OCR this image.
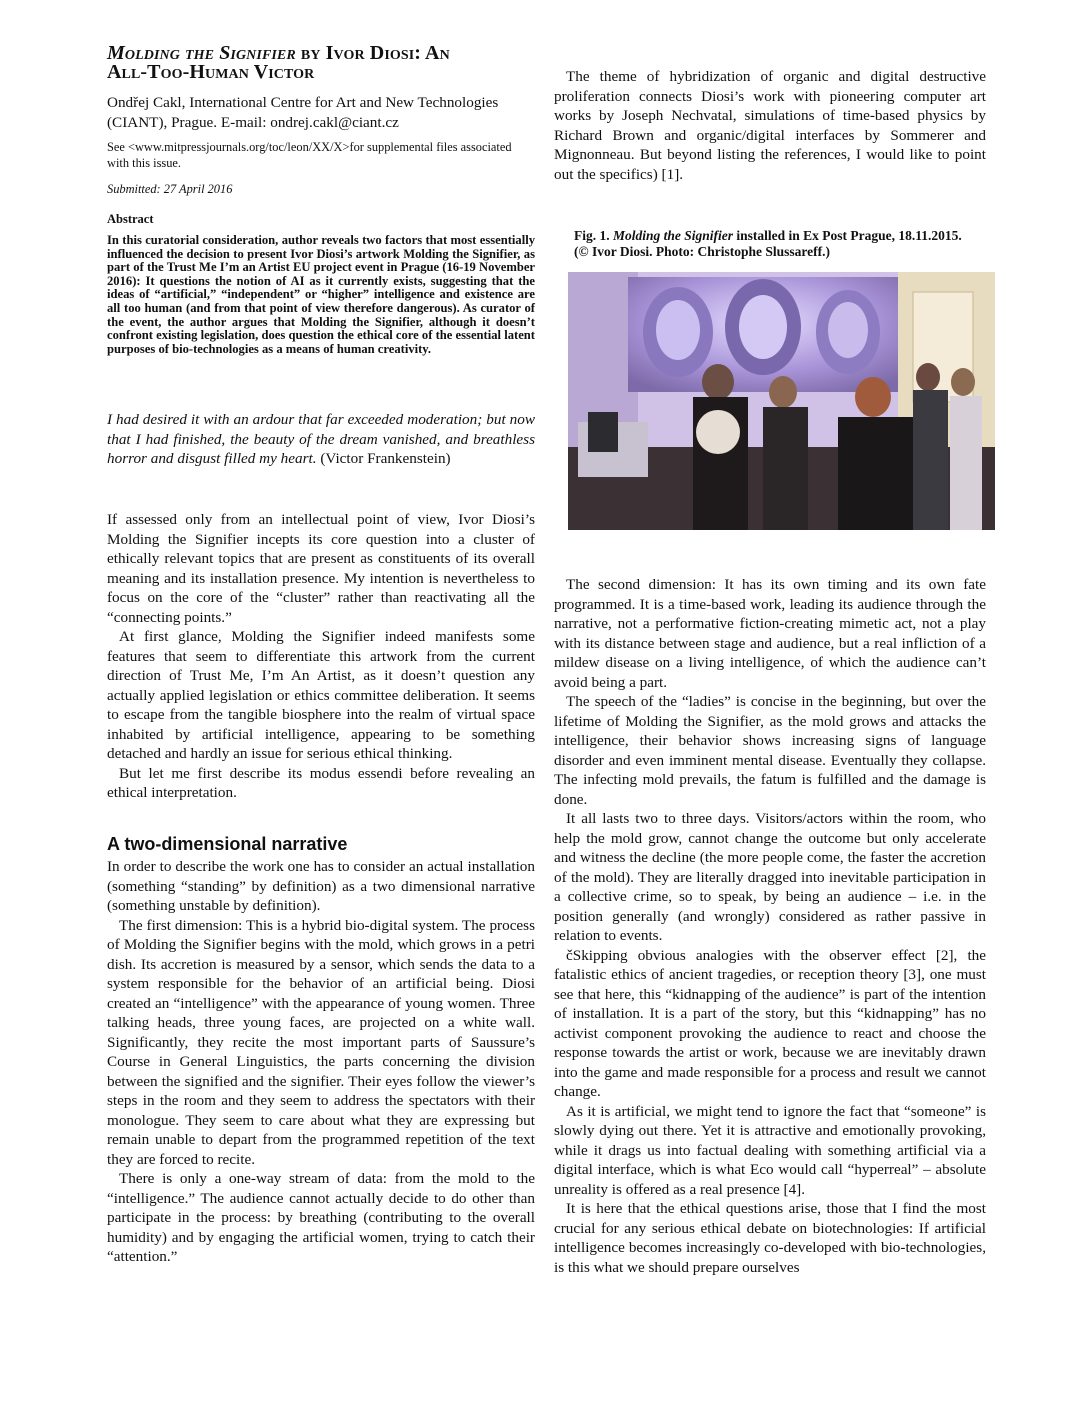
Molding the Signifier by Ivor Diosi: An
All-Too-Human Victor
Ondřej Cakl, International Centre for Art and New Technologies (CIANT), Prague. E-mail: ondrej.cakl@ciant.cz
See <www.mitpressjournals.org/toc/leon/XX/X>for supplemental files associated with this issue.
Submitted: 27 April 2016
Abstract
In this curatorial consideration, author reveals two factors that most essentially influenced the decision to present Ivor Diosi’s artwork Molding the Signifier, as part of the Trust Me I’m an Artist EU project event in Prague (16-19 November 2016): It questions the notion of AI as it currently exists, suggesting that the ideas of “artificial,” “independent” or “higher” intelligence and existence are all too human (and from that point of view therefore dangerous). As curator of the event, the author argues that Molding the Signifier, although it doesn’t confront existing legislation, does question the ethical core of the essential latent purposes of bio-technologies as a means of human creativity.
I had desired it with an ardour that far exceeded moderation; but now that I had finished, the beauty of the dream vanished, and breathless horror and disgust filled my heart. (Victor Frankenstein)

If assessed only from an intellectual point of view, Ivor Diosi’s Molding the Signifier incepts its core question into a cluster of ethically relevant topics that are present as constituents of its overall meaning and its installation presence. My intention is nevertheless to focus on the core of the “cluster” rather than reactivating all the “connecting points.”

At first glance, Molding the Signifier indeed manifests some features that seem to differentiate this artwork from the current direction of Trust Me, I’m An Artist, as it doesn’t question any actually applied legislation or ethics committee deliberation. It seems to escape from the tangible biosphere into the realm of virtual space inhabited by artificial intelligence, appearing to be something detached and hardly an issue for serious ethical thinking.

But let me first describe its modus essendi before revealing an ethical interpretation.

A two-dimensional narrative

In order to describe the work one has to consider an actual installation (something “standing” by definition) as a two dimensional narrative (something unstable by definition).

The first dimension: This is a hybrid bio-digital system. The process of Molding the Signifier begins with the mold, which grows in a petri dish. Its accretion is measured by a sensor, which sends the data to a system responsible for the behavior of an artificial being. Diosi created an “intelligence” with the appearance of young women. Three talking heads, three young faces, are projected on a white wall. Significantly, they recite the most important parts of Saussure’s Course in General Linguistics, the parts concerning the division between the signified and the signifier. Their eyes follow the viewer’s steps in the room and they seem to address the spectators with their monologue. They seem to care about what they are expressing but remain unable to depart from the programmed repetition of the text they are forced to recite.

There is only a one-way stream of data: from the mold to the “intelligence.” The audience cannot actually decide to do other than participate in the process: by breathing (contributing to the overall humidity) and by engaging the artificial women, trying to catch their “attention.”

The theme of hybridization of organic and digital destructive proliferation connects Diosi’s work with pioneering computer art works by Joseph Nechvatal, simulations of time-based physics by Richard Brown and organic/digital interfaces by Sommerer and Mignonneau. But beyond listing the references, I would like to point out the specifics) [1].

Fig. 1. Molding the Signifier installed in Ex Post Prague, 18.11.2015. (© Ivor Diosi. Photo: Christophe Slussareff.)

The second dimension: It has its own timing and its own fate programmed. It is a time-based work, leading its audience through the narrative, not a performative fiction-creating mimetic act, not a play with its distance between stage and audience, but a real infliction of a mildew disease on a living intelligence, of which the audience can’t avoid being a part.

The speech of the “ladies” is concise in the beginning, but over the lifetime of Molding the Signifier, as the mold grows and attacks the intelligence, their behavior shows increasing signs of language disorder and even imminent mental disease. Eventually they collapse. The infecting mold prevails, the fatum is fulfilled and the damage is done.

It all lasts two to three days. Visitors/actors within the room, who help the mold grow, cannot change the outcome but only accelerate and witness the decline (the more people come, the faster the accretion of the mold). They are literally dragged into inevitable participation in a collective crime, so to speak, by being an audience – i.e. in the position generally (and wrongly) considered as rather passive in relation to events.

čSkipping obvious analogies with the observer effect [2], the fatalistic ethics of ancient tragedies, or reception theory [3], one must see that here, this “kidnapping of the audience” is part of the intention of installation. It is a part of the story, but this “kidnapping” has no activist component provoking the audience to react and choose the response towards the artist or work, because we are inevitably drawn into the game and made responsible for a process and result we cannot change.

As it is artificial, we might tend to ignore the fact that “someone” is slowly dying out there. Yet it is attractive and emotionally provoking, while it drags us into factual dealing with something artificial via a digital interface, which is what Eco would call “hyperreal” – absolute unreality is offered as a real presence [4].

It is here that the ethical questions arise, those that I find the most crucial for any serious ethical debate on biotechnologies: If artificial intelligence becomes increasingly co-developed with bio-technologies, is this what we should prepare ourselves
